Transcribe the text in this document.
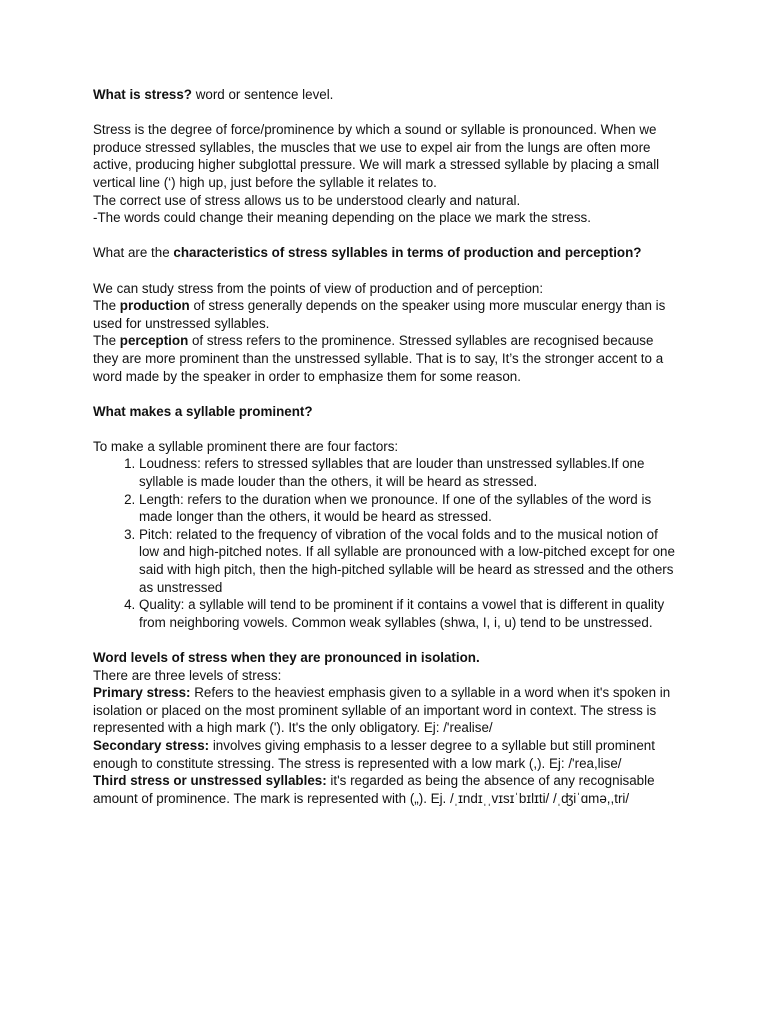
What is stress? word or sentence level.

Stress is the degree of force/prominence by which a sound or syllable is pronounced. When we produce stressed syllables, the muscles that we use to expel air from the lungs are often more active, producing higher subglottal pressure. We will mark a stressed syllable by placing a small vertical line (‘) high up, just before the syllable it relates to.

The correct use of stress allows us to be understood clearly and natural.

-The words could change their meaning depending on the place we mark the stress.

What are the characteristics of stress syllables in terms of production and perception?

We can study stress from the points of view of production and of perception:

The production of stress generally depends on the speaker using more muscular energy than is used for unstressed syllables.

The perception of stress refers to the prominence. Stressed syllables are recognised because they are more prominent than the unstressed syllable. That is to say, It’s the stronger accent to a word made by the speaker in order to emphasize them for some reason.

What makes a syllable prominent?

To make a syllable prominent there are four factors:

1. Loudness: refers to stressed syllables that are louder than unstressed syllables.If one syllable is made louder than the others, it will be heard as stressed.
2. Length: refers to the duration when we pronounce. If one of the syllables of the word is made longer than the others, it would be heard as stressed.
3. Pitch: related to the frequency of vibration of the vocal folds and to the musical notion of low and high-pitched notes. If all syllable are pronounced with a low-pitched except for one said with high pitch, then the high-pitched syllable will be heard as stressed and the others as unstressed
4. Quality: a syllable will tend to be prominent if it contains a vowel that is different in quality from neighboring vowels. Common weak syllables (shwa, I, i, u) tend to be unstressed.

Word levels of stress when they are pronounced in isolation.

There are three levels of stress:

Primary stress: Refers to the heaviest emphasis given to a syllable in a word when it's spoken in isolation or placed on the most prominent syllable of an important word in context. The stress is represented with a high mark ('). It's the only obligatory. Ej: /'realise/

Secondary stress: involves giving emphasis to a lesser degree to a syllable but still prominent enough to constitute stressing. The stress is represented with a low mark (,). Ej: /'rea,lise/

Third stress or unstressed syllables: it's regarded as being the absence of any recognisable amount of prominence. The mark is represented with („). Ej. /ˌɪndɪˌˌvɪsɪˈbɪlɪti/ /ˌʤiˈɑmə,,tri/
